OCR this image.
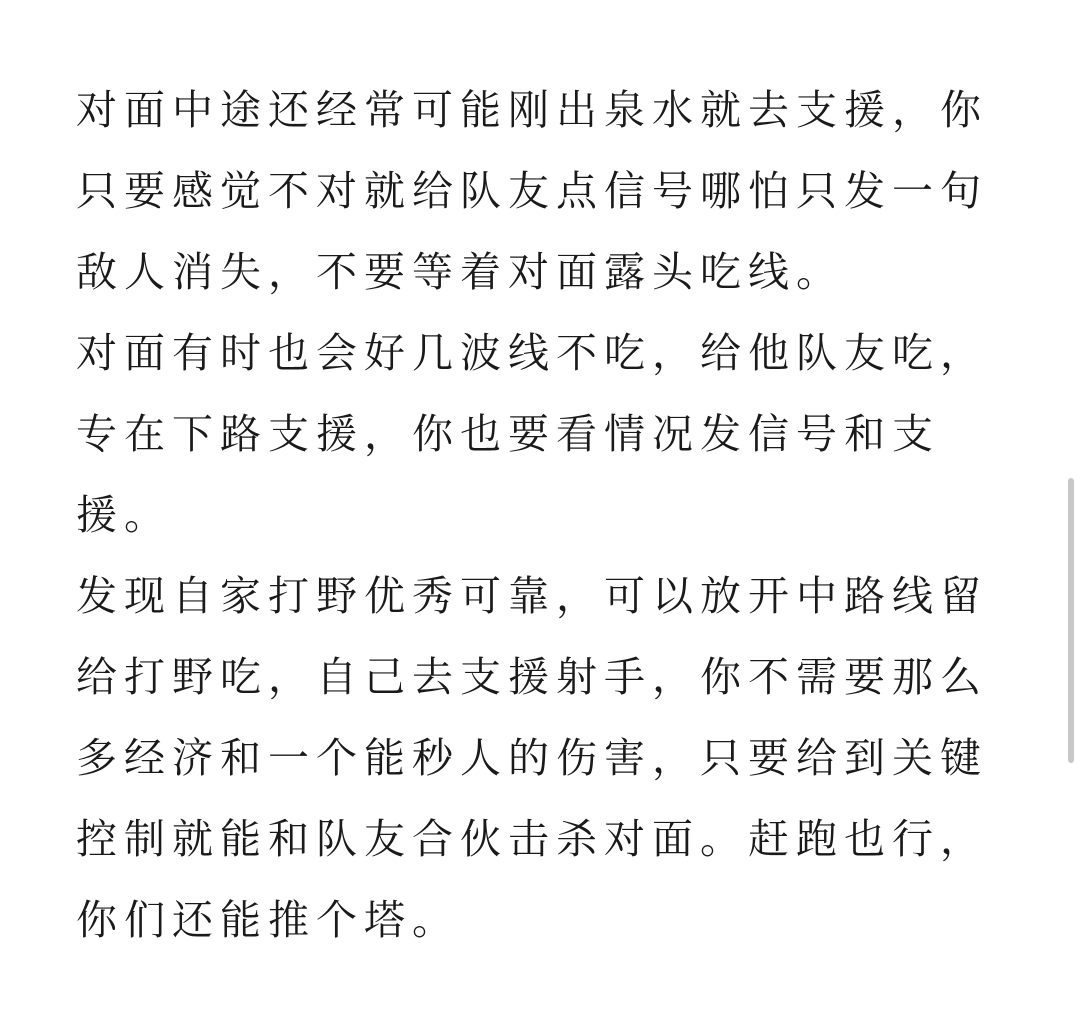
对面中途还经常可能刚出泉水就去支援，你
只要感觉不对就给队友点信号哪怕只发一句
敌人消失，不要等着对面露头吃线。
对面有时也会好几波线不吃，给他队友吃，
专在下路支援，你也要看情况发信号和支
援。
发现自家打野优秀可靠，可以放开中路线留
给打野吃，自己去支援射手，你不需要那么
多经济和一个能秒人的伤害，只要给到关键
控制就能和队友合伙击杀对面。赶跑也行，
你们还能推个塔。
